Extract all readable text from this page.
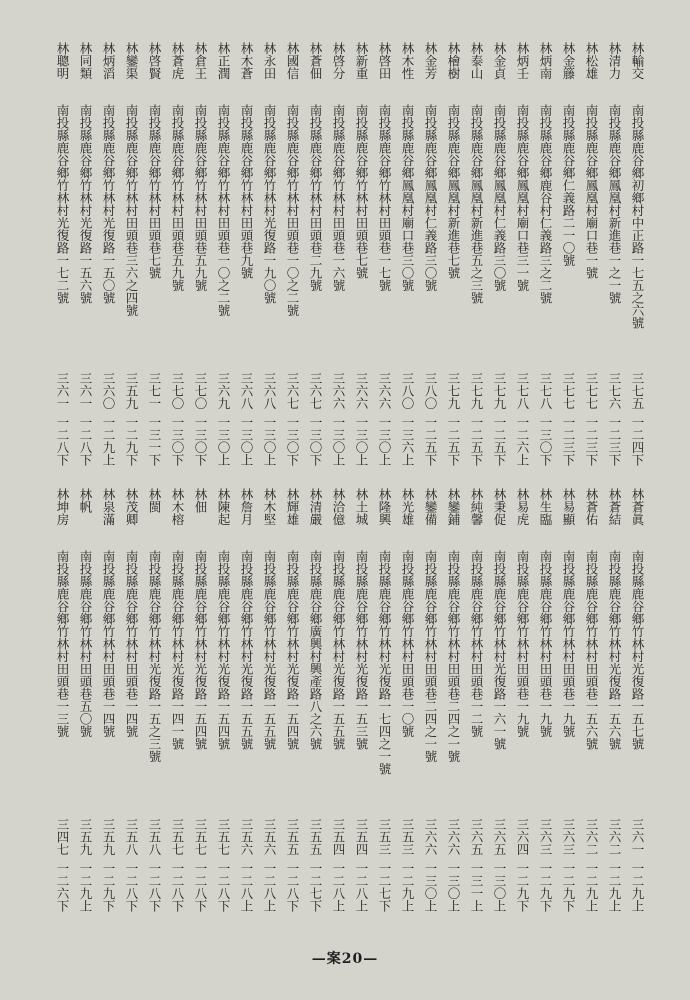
林輸交
南投縣鹿谷鄉初鄉村中正路一七五之六號
三七五
一二四下
林清力
南投縣鹿谷鄉鳳凰村新進巷一之一號
三七六
一二三下
林松雄
南投縣鹿谷鄉鳳凰村廟口巷一號
三七七
一二三下
林金籐
南投縣鹿谷鄉仁義路二一〇號
三七七
一二三下
林炳南
南投縣鹿谷鄉鹿谷村仁義路三之二號
三七八
一三〇下
林炳壬
南投縣鹿谷鄉鳳凰村廟口巷三一號
三七八
一二六上
林金貞
南投縣鹿谷鄉鳳凰村仁義路三〇號
三七九
一二五下
林泰山
南投縣鹿谷鄉鳳凰村新進巷五之三號
三七九
一二五下
林檜樹
南投縣鹿谷鄉鳳凰村新進巷七號
三七九
一二五下
林金芳
南投縣鹿谷鄉鳳凰村仁義路三〇號
三八〇
一二五下
林木性
南投縣鹿谷鄉鳳凰村廟口巷三〇號
三八〇
一三六上
林啓田
南投縣鹿谷鄉竹林村田頭巷一七號
三六六
一三〇上
林新重
南投縣鹿谷鄉竹林村田頭巷七號
三六六
一三〇上
林啓分
南投縣鹿谷鄉竹林村田頭巷一六號
三六六
一三〇上
林蒼佃
南投縣鹿谷鄉竹林村田頭巷二九號
三六七
一三〇下
林國信
南投縣鹿谷鄉竹林村田頭巷一〇之二號
三六七
一三〇下
林永田
南投縣鹿谷鄉竹林村光復路一九〇號
三六八
一三〇上
林木蒼
南投縣鹿谷鄉竹林村田頭巷九號
三六八
一三〇上
林正潤
南投縣鹿谷鄉竹林村田頭巷一〇之二號
三六九
一三〇上
林倉王
南投縣鹿谷鄉竹林村田頭巷五九號
三七〇
一三〇下
林蒼虎
南投縣鹿谷鄉竹林村田頭巷五九號
三七〇
一三〇下
林啓賢
南投縣鹿谷鄉竹林村田頭巷七號
三七一
一三一下
林鑾渠
南投縣鹿谷鄉竹林村田頭巷三六之四號
三五九
一二九下
林炳滔
南投縣鹿谷鄉竹林村光復路一五〇號
三六〇
一二九上
林同類
南投縣鹿谷鄉竹林村光復路一五六號
三六一
一二八下
林聰明
南投縣鹿谷鄉竹林村光復路一七二號
三六一
一二八下
林蒼眞
南投縣鹿谷鄉竹林村光復路一五七號
三六一
一二九上
林蒼結
南投縣鹿谷鄉竹林村光復路一五六號
三六二
一二九上
林蒼佑
南投縣鹿谷鄉竹林村田頭巷一五六號
三六二
一二九上
林易顯
南投縣鹿谷鄉竹林村田頭巷一九號
三六三
一二九下
林生臨
南投縣鹿谷鄉竹林村田頭巷一九號
三六三
一二九下
林易虎
南投縣鹿谷鄉竹林村田頭巷一九號
三六四
一二九下
林秉促
南投縣鹿谷鄉竹林村光復路一六一號
三六五
一三〇上
林純馨
南投縣鹿谷鄉竹林村田頭巷一二號
三六五
一三一上
林鑾鋪
南投縣鹿谷鄉竹林村田頭巷二四之一號
三六六
一三〇上
林鑾備
南投縣鹿谷鄉竹林村田頭巷二四之一號
三六六
一三〇上
林光雄
南投縣鹿谷鄉竹林村田頭巷一〇號
三五三
一二九上
林隆興
南投縣鹿谷鄉竹林村光復路一七四之一號
三五三
一二七下
林土城
南投縣鹿谷鄉竹林村光復路一五三號
三五四
一二八上
林洽億
南投縣鹿谷鄉竹林村光復路一五五號
三五四
一二八上
林清嚴
南投縣鹿谷鄉廣興村興產路八之六號
三五五
一二七下
林輝雄
南投縣鹿谷鄉竹林村光復路一五四號
三五五
一二八下
林木堅
南投縣鹿谷鄉竹林村光復路一五五號
三五六
一二八上
林詹月
南投縣鹿谷鄉竹林村光復路一五五號
三五六
一二八上
林陳起
南投縣鹿谷鄉竹林村光復路一五四號
三五七
一二八下
林佃
南投縣鹿谷鄉竹林村光復路一五四號
三五七
一二八下
林木榕
南投縣鹿谷鄉竹林村光復路一四一號
三五七
一二八下
林閩
南投縣鹿谷鄉竹林村光復路一五之三號
三五八
一二八下
林茂卿
南投縣鹿谷鄉竹林村田頭巷一四號
三五八
一二八下
林泉滿
南投縣鹿谷鄉竹林村田頭巷一四號
三五九
一二九下
林帆
南投縣鹿谷鄉竹林村田頭巷五〇號
三五九
一二九上
林坤房
南投縣鹿谷鄉竹林村田頭巷一三號
三四七
一二六下
—案20—
